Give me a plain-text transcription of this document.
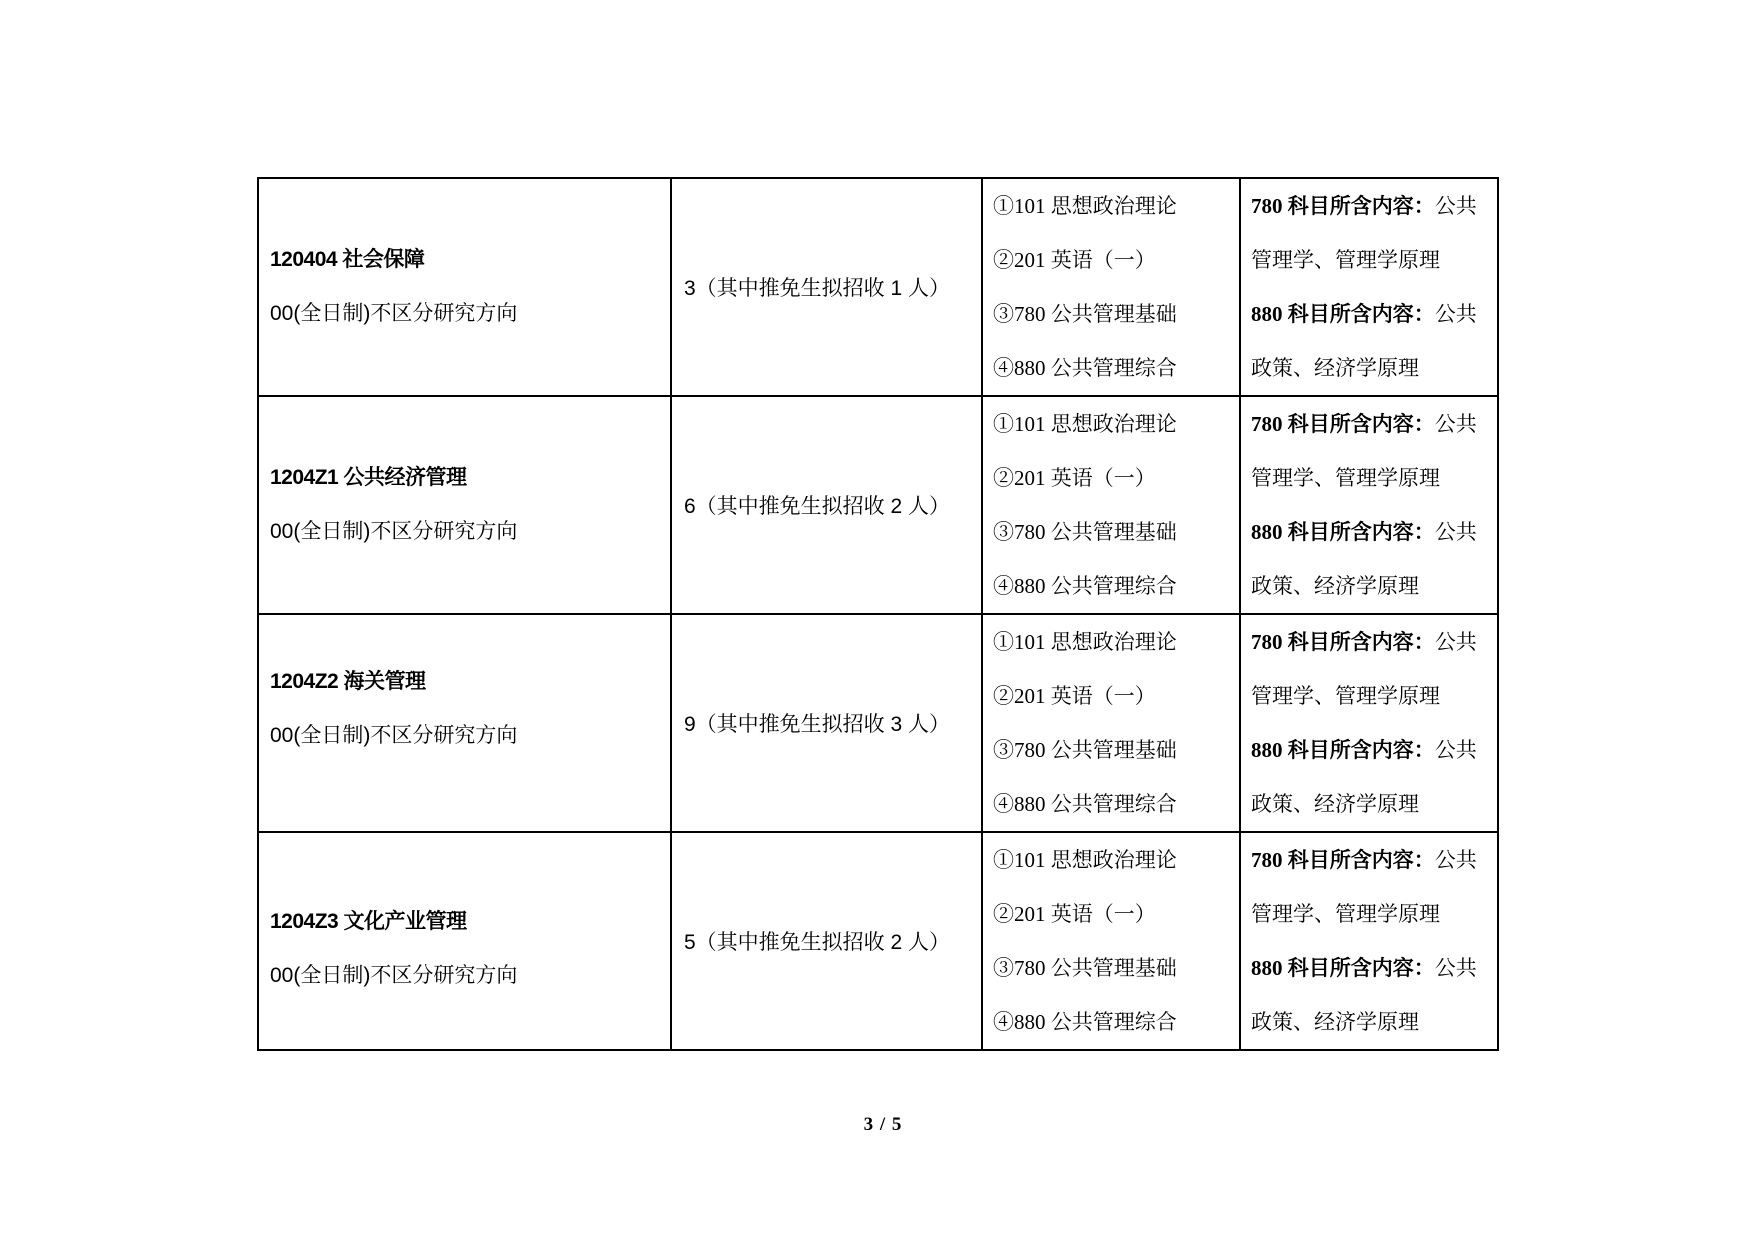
120404 社会保障
00(全日制)不区分研究方向	3（其中推免生拟招收 1 人）	①101 思想政治理论
②201 英语（一）
③780 公共管理基础
④880 公共管理综合	780 科目所含内容：公共
管理学、管理学原理
880 科目所含内容：公共
政策、经济学原理

1204Z1 公共经济管理
00(全日制)不区分研究方向	6（其中推免生拟招收 2 人）	①101 思想政治理论
②201 英语（一）
③780 公共管理基础
④880 公共管理综合	780 科目所含内容：公共
管理学、管理学原理
880 科目所含内容：公共
政策、经济学原理

1204Z2 海关管理
00(全日制)不区分研究方向	9（其中推免生拟招收 3 人）	①101 思想政治理论
②201 英语（一）
③780 公共管理基础
④880 公共管理综合	780 科目所含内容：公共
管理学、管理学原理
880 科目所含内容：公共
政策、经济学原理

1204Z3 文化产业管理
00(全日制)不区分研究方向	5（其中推免生拟招收 2 人）	①101 思想政治理论
②201 英语（一）
③780 公共管理基础
④880 公共管理综合	780 科目所含内容：公共
管理学、管理学原理
880 科目所含内容：公共
政策、经济学原理
3 / 5
